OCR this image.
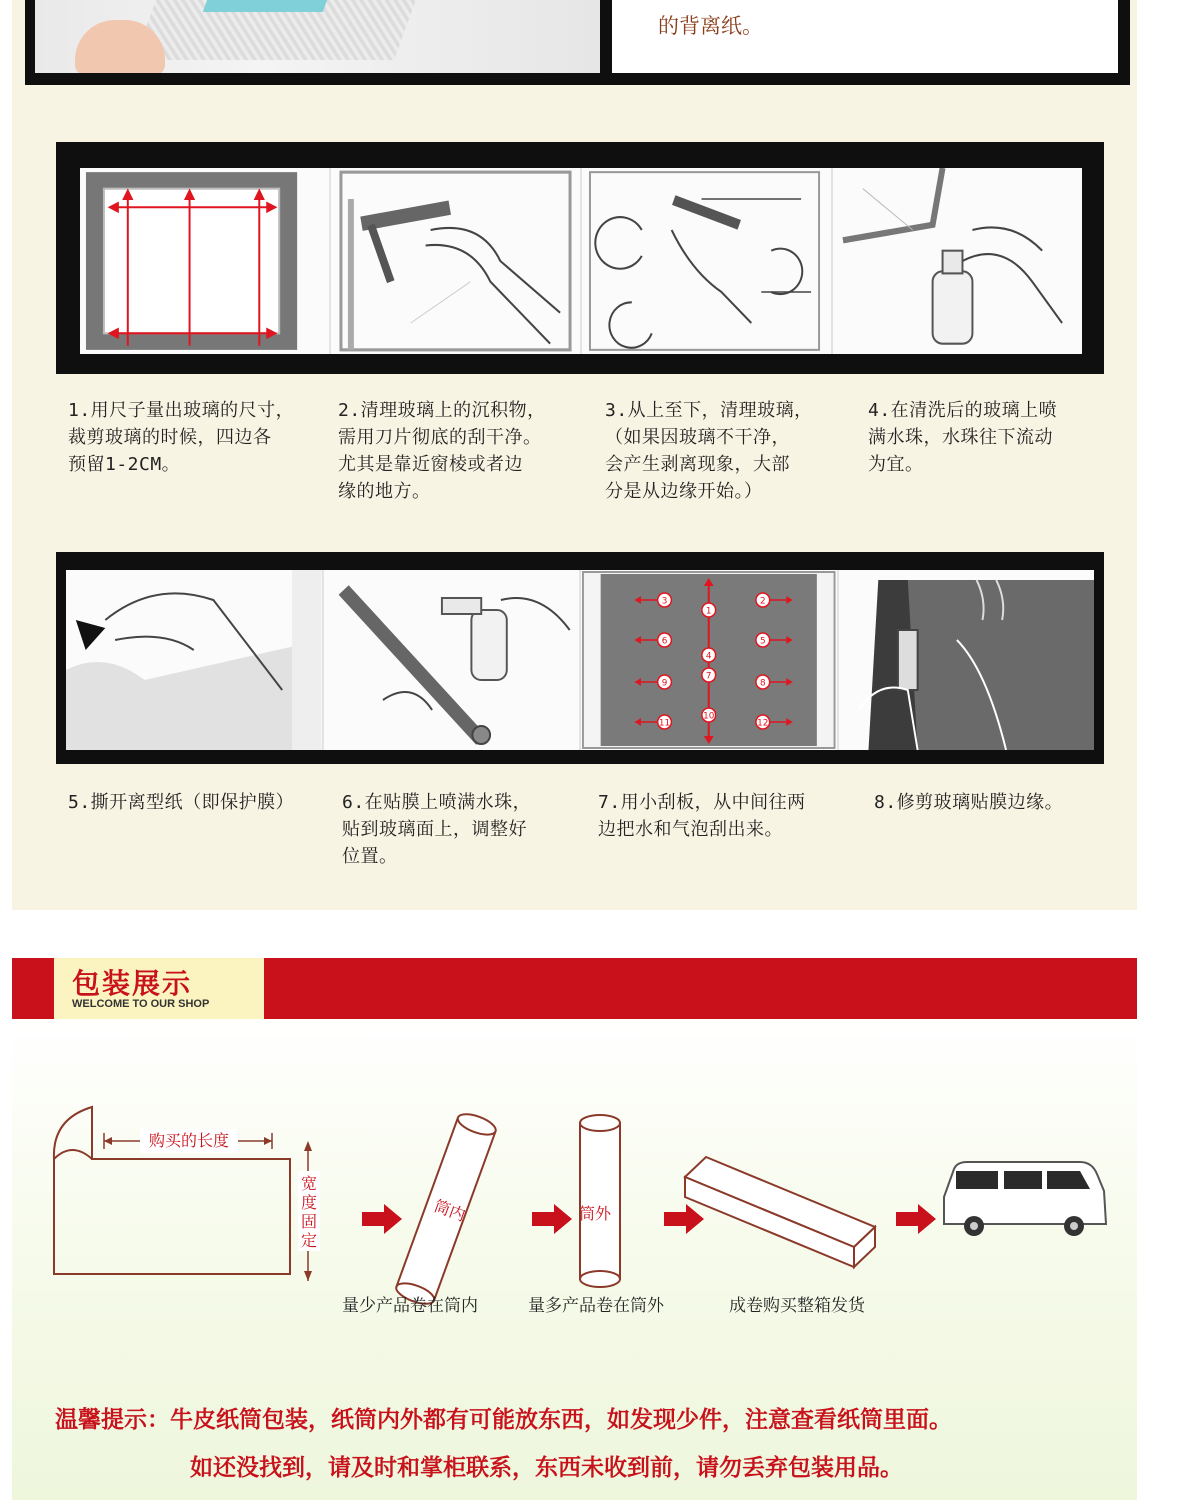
的背离纸。
1.用尺子量出玻璃的尺寸，
裁剪玻璃的时候，四边各
预留1-2CM。
2.清理玻璃上的沉积物，
需用刀片彻底的刮干净。
尤其是靠近窗棱或者边
缘的地方。
3.从上至下，清理玻璃，
（如果因玻璃不干净，
会产生剥离现象，大部
分是从边缘开始。）
4.在清洗后的玻璃上喷
满水珠，水珠往下流动
为宜。
1
2
3
4
5
6
7
8
9
10
11	12
5.撕开离型纸（即保护膜）	6.在贴膜上喷满水珠，
贴到玻璃面上，调整好
位置。
7.用小刮板，从中间往两
边把水和气泡刮出来。
8.修剪玻璃贴膜边缘。
包装展示
WELCOME TO OUR SHOP
购买的长度
宽度固定
筒内	筒外
量少产品卷在筒内	量多产品卷在筒外	成卷购买整箱发货
温馨提示：牛皮纸筒包装，纸筒内外都有可能放东西，如发现少件，注意查看纸筒里面。
如还没找到，请及时和掌柜联系，东西未收到前，请勿丢弃包装用品。
